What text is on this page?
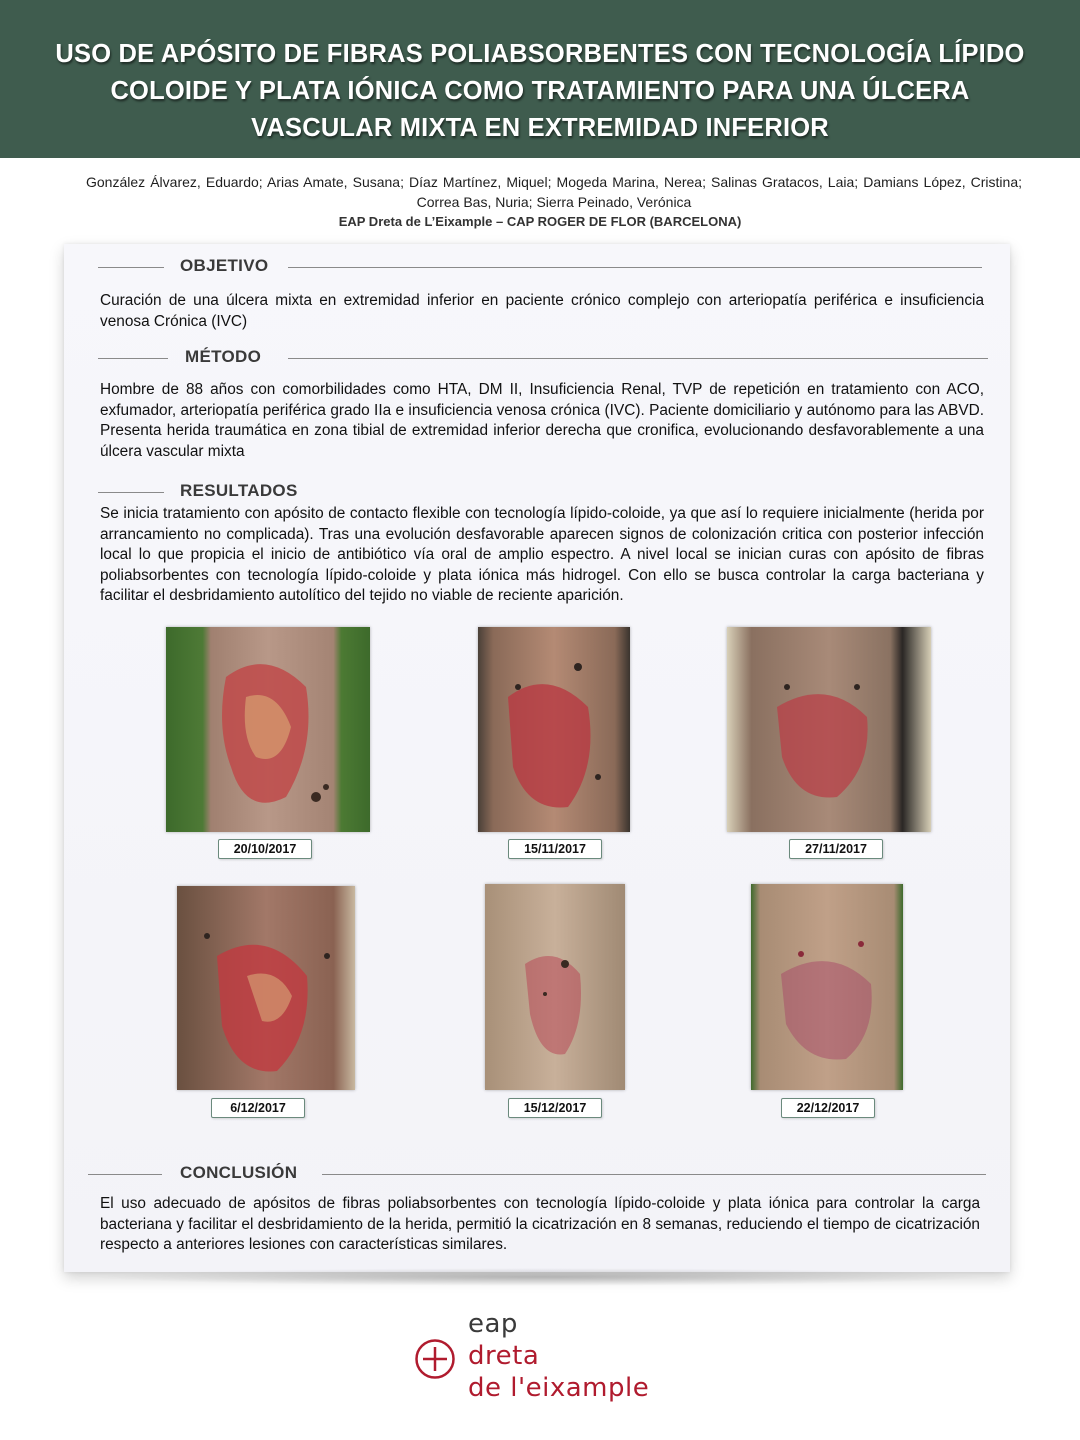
USO DE APÓSITO DE FIBRAS POLIABSORBENTES CON TECNOLOGÍA LÍPIDO COLOIDE Y PLATA IÓNICA COMO TRATAMIENTO PARA UNA ÚLCERA VASCULAR MIXTA EN EXTREMIDAD INFERIOR
González Álvarez, Eduardo; Arias Amate, Susana; Díaz Martínez, Miquel; Mogeda Marina, Nerea; Salinas Gratacos, Laia; Damians López, Cristina; Correa Bas, Nuria; Sierra Peinado, Verónica
EAP Dreta de L’Eixample – CAP ROGER DE FLOR (BARCELONA)
OBJETIVO

Curación de una úlcera mixta en extremidad inferior en paciente crónico complejo con arteriopatía periférica e insuficiencia venosa Crónica (IVC)

MÉTODO

Hombre de 88 años con comorbilidades como HTA, DM II, Insuficiencia Renal, TVP de repetición en tratamiento con ACO, exfumador, arteriopatía periférica grado IIa e insuficiencia venosa crónica (IVC). Paciente domiciliario y autónomo para las ABVD. Presenta herida traumática en zona tibial de extremidad inferior derecha que cronifica, evolucionando desfavorablemente a una úlcera vascular mixta

RESULTADOS

Se inicia tratamiento con apósito de contacto flexible con tecnología lípido-coloide, ya que así lo requiere inicialmente (herida por arrancamiento no complicada). Tras una evolución desfavorable aparecen signos de colonización critica con posterior infección local lo que propicia el inicio de antibiótico vía oral de amplio espectro. A nivel local se inician curas con apósito de fibras poliabsorbentes con tecnología lípido-coloide y plata iónica más hidrogel. Con ello se busca controlar la carga bacteriana y facilitar el desbridamiento autolítico del tejido no viable de reciente aparición.

20/10/2017	15/11/2017	27/11/2017
6/12/2017	15/12/2017	22/12/2017
CONCLUSIÓN

El uso adecuado de apósitos de fibras poliabsorbentes con tecnología lípido-coloide y plata iónica para controlar la carga bacteriana y facilitar el desbridamiento de la herida, permitió la cicatrización en 8 semanas, reduciendo el tiempo de cicatrización respecto a anteriores lesiones con características similares.

eap
dreta
de l'eixample
